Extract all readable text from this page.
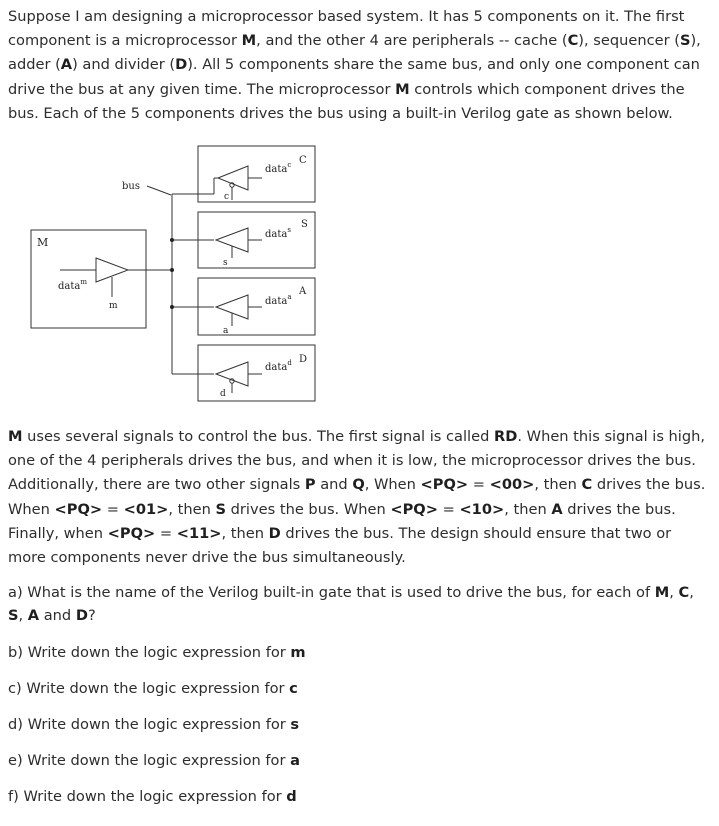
Suppose I am designing a microprocessor based system. It has 5 components on it. The first component is a microprocessor M, and the other 4 are peripherals -- cache (C), sequencer (S), adder (A) and divider (D). All 5 components share the same bus, and only one component can drive the bus at any given time. The microprocessor M controls which component drives the bus. Each of the 5 components drives the bus using a built-in Verilog gate as shown below.

bus
M
data$^m$
m
C
data$^c$
c
S
data$^s$
s
A
data$^a$
a
D
data$^d$
d

M uses several signals to control the bus. The first signal is called RD. When this signal is high, one of the 4 peripherals drives the bus, and when it is low, the microprocessor drives the bus. Additionally, there are two other signals P and Q, When <PQ> = <00>, then C drives the bus. When <PQ> = <01>, then S drives the bus. When <PQ> = <10>, then A drives the bus. Finally, when <PQ> = <11>, then D drives the bus. The design should ensure that two or more components never drive the bus simultaneously.

a) What is the name of the Verilog built-in gate that is used to drive the bus, for each of M, C, S, A and D?

b) Write down the logic expression for m

c) Write down the logic expression for c

d) Write down the logic expression for s

e) Write down the logic expression for a

f) Write down the logic expression for d
